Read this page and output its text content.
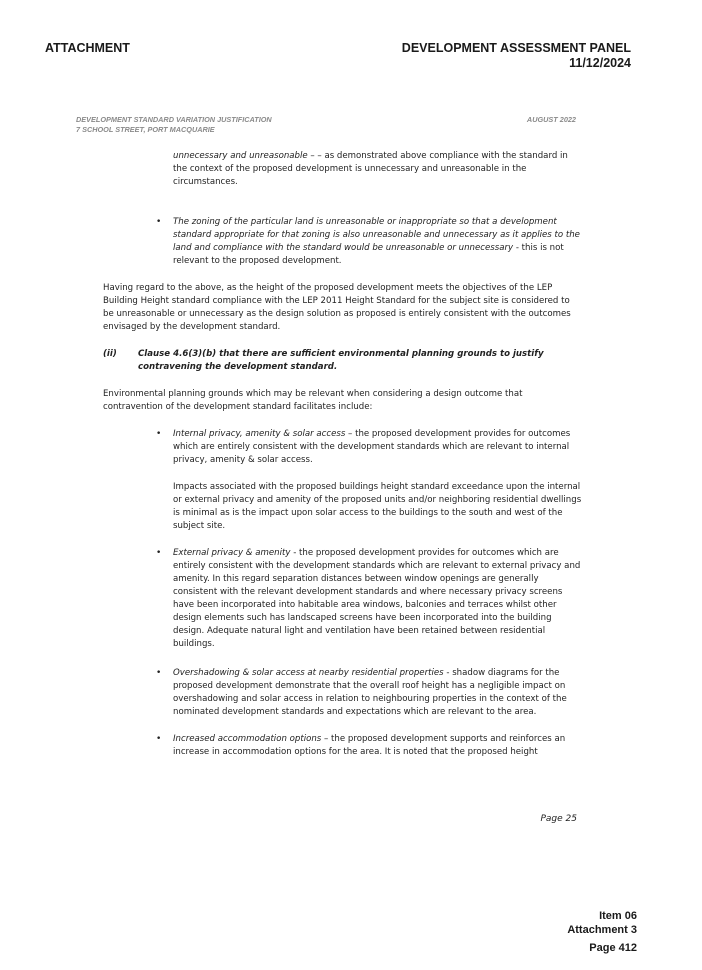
ATTACHMENT	DEVELOPMENT ASSESSMENT PANEL
11/12/2024
DEVELOPMENT STANDARD VARIATION JUSTIFICATION
7 SCHOOL STREET, PORT MACQUARIE
AUGUST 2022
unnecessary and unreasonable – – as demonstrated above compliance with the standard in the context of the proposed development is unnecessary and unreasonable in the circumstances.
• The zoning of the particular land is unreasonable or inappropriate so that a development standard appropriate for that zoning is also unreasonable and unnecessary as it applies to the land and compliance with the standard would be unreasonable or unnecessary - this is not relevant to the proposed development.
Having regard to the above, as the height of the proposed development meets the objectives of the LEP Building Height standard compliance with the LEP 2011 Height Standard for the subject site is considered to be unreasonable or unnecessary as the design solution as proposed is entirely consistent with the outcomes envisaged by the development standard.
(ii) Clause 4.6(3)(b) that there are sufficient environmental planning grounds to justify contravening the development standard.
Environmental planning grounds which may be relevant when considering a design outcome that contravention of the development standard facilitates include:
• Internal privacy, amenity & solar access – the proposed development provides for outcomes which are entirely consistent with the development standards which are relevant to internal privacy, amenity & solar access.
Impacts associated with the proposed buildings height standard exceedance upon the internal or external privacy and amenity of the proposed units and/or neighboring residential dwellings is minimal as is the impact upon solar access to the buildings to the south and west of the subject site.
• External privacy & amenity - the proposed development provides for outcomes which are entirely consistent with the development standards which are relevant to external privacy and amenity. In this regard separation distances between window openings are generally consistent with the relevant development standards and where necessary privacy screens have been incorporated into habitable area windows, balconies and terraces whilst other design elements such has landscaped screens have been incorporated into the building design. Adequate natural light and ventilation have been retained between residential buildings.
• Overshadowing & solar access at nearby residential properties - shadow diagrams for the proposed development demonstrate that the overall roof height has a negligible impact on overshadowing and solar access in relation to neighbouring properties in the context of the nominated development standards and expectations which are relevant to the area.
• Increased accommodation options – the proposed development supports and reinforces an increase in accommodation options for the area. It is noted that the proposed height
Page 25
Item 06
Attachment 3
Page 412
